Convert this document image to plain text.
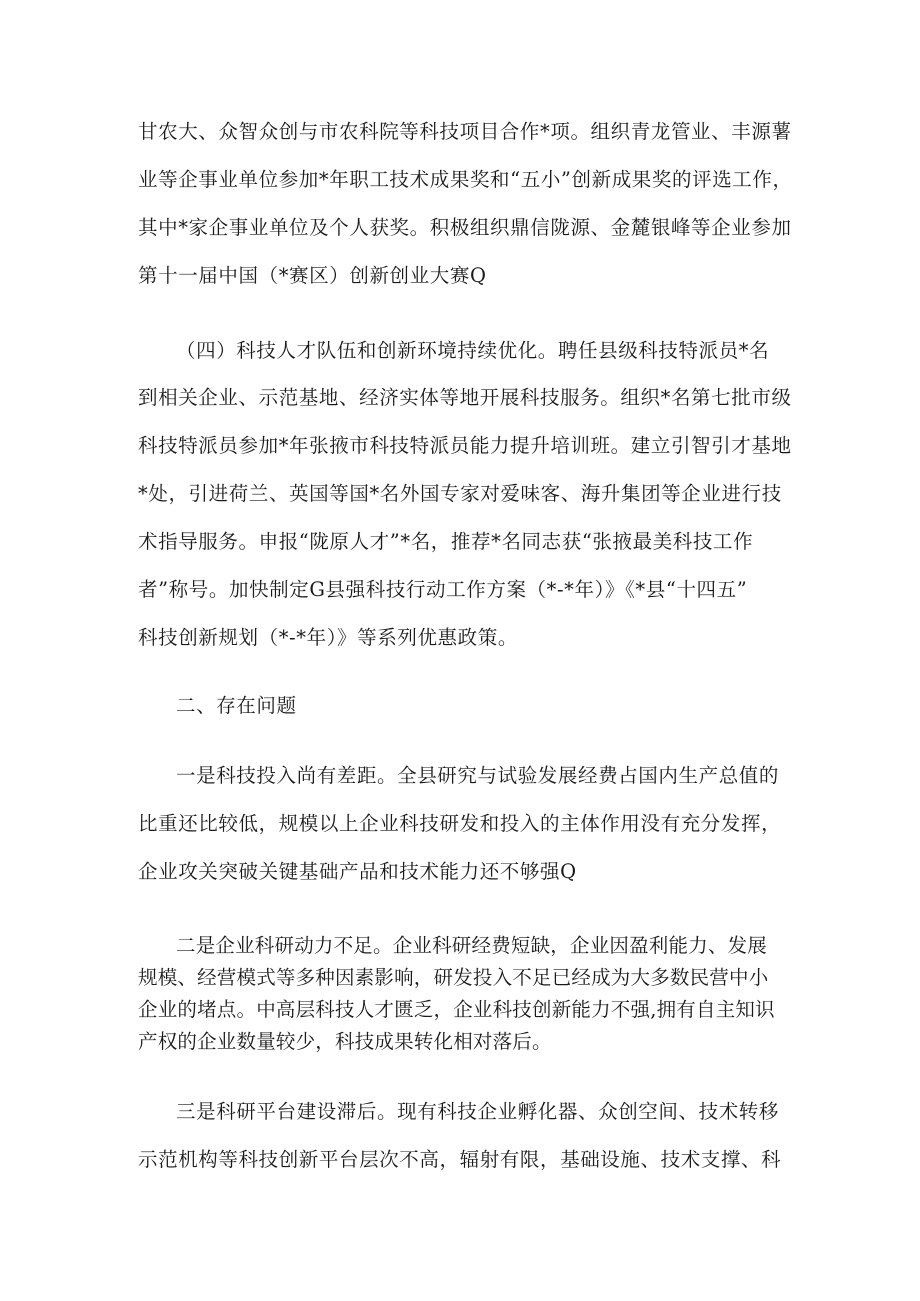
甘农大、众智众创与市农科院等科技项目合作*项。组织青龙管业、丰源薯
业等企事业单位参加*年职工技术成果奖和“五小”创新成果奖的评选工作，
其中*家企事业单位及个人获奖。积极组织鼎信陇源、金麓银峰等企业参加
第十一届中国（*赛区）创新创业大赛Q
（四）科技人才队伍和创新环境持续优化。聘任县级科技特派员*名
到相关企业、示范基地、经济实体等地开展科技服务。组织*名第七批市级
科技特派员参加*年张掖市科技特派员能力提升培训班。建立引智引才基地
*处，引进荷兰、英国等国*名外国专家对爱味客、海升集团等企业进行技
术指导服务。申报“陇原人才”*名，推荐*名同志获“张掖最美科技工作
者”称号。加快制定G县强科技行动工作方案（*-*年）》《*县“十四五”
科技创新规划（*-*年）》等系列优惠政策。
二、存在问题
一是科技投入尚有差距。全县研究与试验发展经费占国内生产总值的
比重还比较低，规模以上企业科技研发和投入的主体作用没有充分发挥，
企业攻关突破关键基础产品和技术能力还不够强Q
二是企业科研动力不足。企业科研经费短缺，企业因盈利能力、发展
规模、经营模式等多种因素影响，研发投入不足已经成为大多数民营中小
企业的堵点。中高层科技人才匮乏，企业科技创新能力不强,拥有自主知识
产权的企业数量较少，科技成果转化相对落后。
三是科研平台建设滞后。现有科技企业孵化器、众创空间、技术转移
示范机构等科技创新平台层次不高，辐射有限，基础设施、技术支撑、科
